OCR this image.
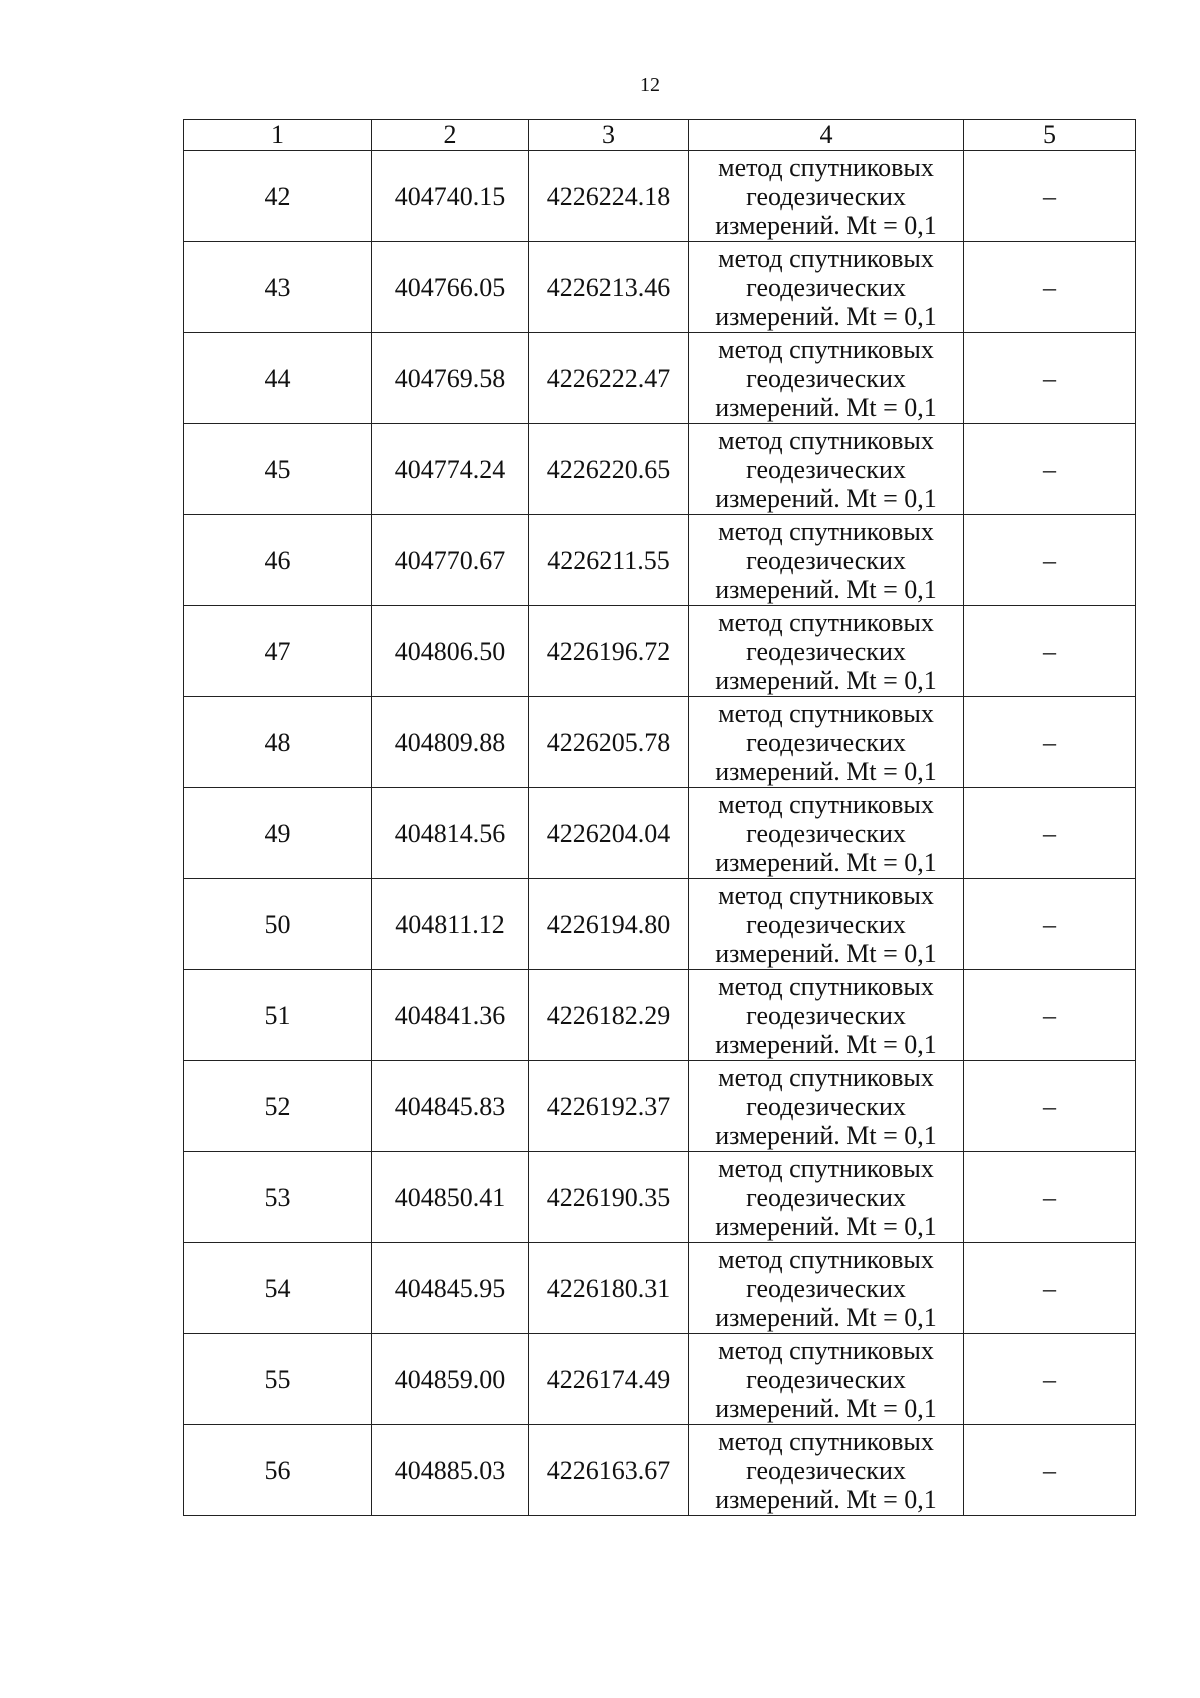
12
1	2	3	4	5
42	404740.15	4226224.18	метод спутниковых геодезических измерений. Mt = 0,1	–
43	404766.05	4226213.46	метод спутниковых геодезических измерений. Mt = 0,1	–
44	404769.58	4226222.47	метод спутниковых геодезических измерений. Mt = 0,1	–
45	404774.24	4226220.65	метод спутниковых геодезических измерений. Mt = 0,1	–
46	404770.67	4226211.55	метод спутниковых геодезических измерений. Mt = 0,1	–
47	404806.50	4226196.72	метод спутниковых геодезических измерений. Mt = 0,1	–
48	404809.88	4226205.78	метод спутниковых геодезических измерений. Mt = 0,1	–
49	404814.56	4226204.04	метод спутниковых геодезических измерений. Mt = 0,1	–
50	404811.12	4226194.80	метод спутниковых геодезических измерений. Mt = 0,1	–
51	404841.36	4226182.29	метод спутниковых геодезических измерений. Mt = 0,1	–
52	404845.83	4226192.37	метод спутниковых геодезических измерений. Mt = 0,1	–
53	404850.41	4226190.35	метод спутниковых геодезических измерений. Mt = 0,1	–
54	404845.95	4226180.31	метод спутниковых геодезических измерений. Mt = 0,1	–
55	404859.00	4226174.49	метод спутниковых геодезических измерений. Mt = 0,1	–
56	404885.03	4226163.67	метод спутниковых геодезических измерений. Mt = 0,1	–
